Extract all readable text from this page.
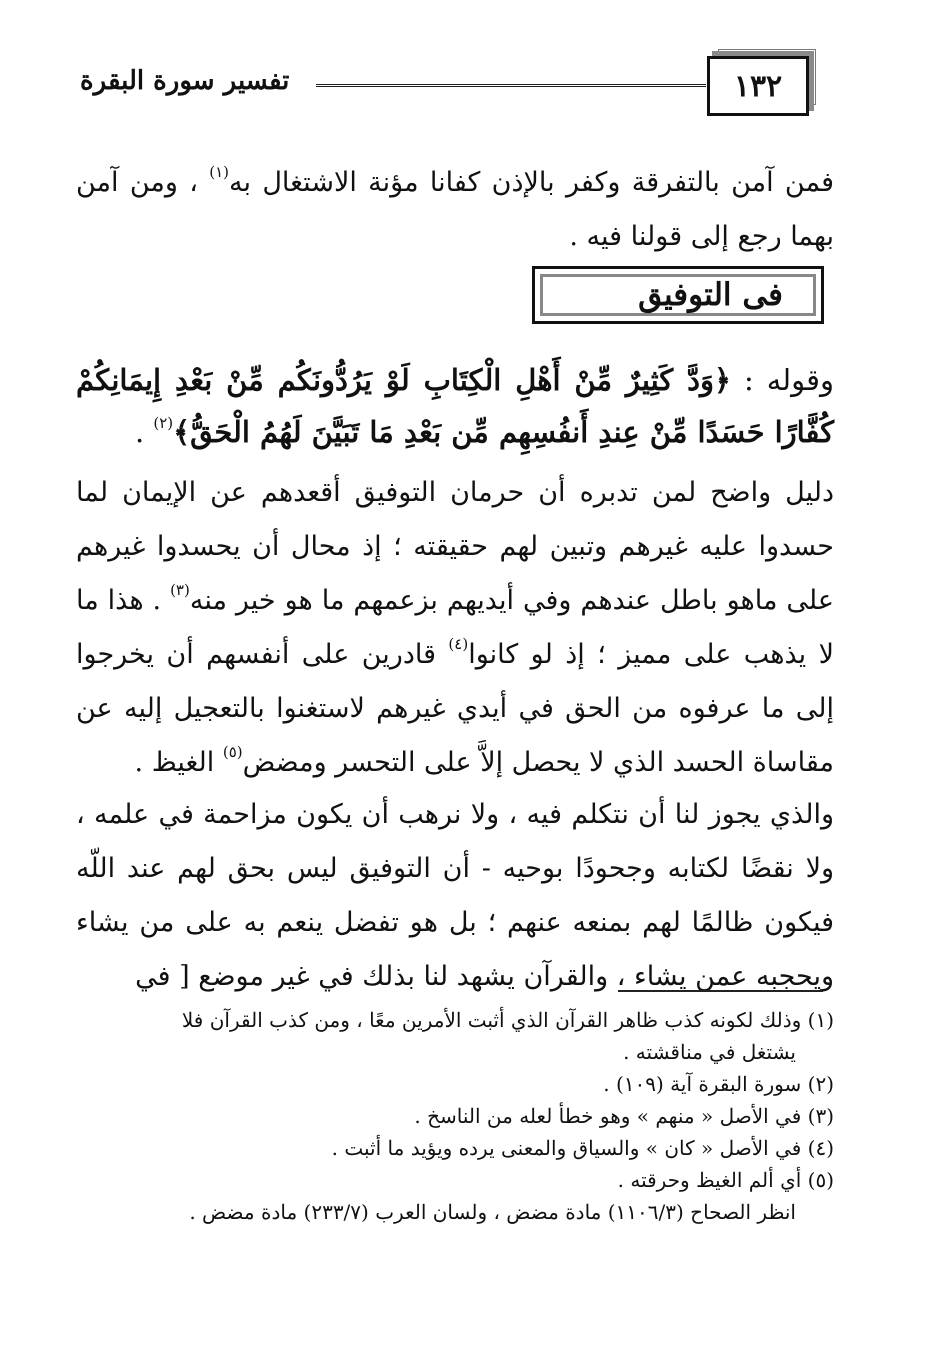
١٣٢
تفسير سورة البقرة
فمن آمن بالتفرقة وكفر بالإذن كفانا مؤنة الاشتغال به$^{(١)}$ ، ومن آمن بهما رجع إلى قولنا فيه .
فى التوفيق
وقوله : ﴿وَدَّ كَثِيرٌ مِّنْ أَهْلِ الْكِتَابِ لَوْ يَرُدُّونَكُم مِّنْ بَعْدِ إِيمَانِكُمْ كُفَّارًا حَسَدًا مِّنْ عِندِ أَنفُسِهِم مِّن بَعْدِ مَا تَبَيَّنَ لَهُمُ الْحَقُّ﴾$^{(٢)}$ .
دليل واضح لمن تدبره أن حرمان التوفيق أقعدهم عن الإيمان لما حسدوا عليه غيرهم وتبين لهم حقيقته ؛ إذ محال أن يحسدوا غيرهم على ماهو باطل عندهم وفي أيديهم بزعمهم ما هو خير منه$^{(٣)}$ . هذا ما لا يذهب على مميز ؛ إذ لو كانوا$^{(٤)}$ قادرين على أنفسهم أن يخرجوا إلى ما عرفوه من الحق في أيدي غيرهم لاستغنوا بالتعجيل إليه عن مقاساة الحسد الذي لا يحصل إلاَّ على التحسر ومضض$^{(٥)}$ الغيظ .
والذي يجوز لنا أن نتكلم فيه ، ولا نرهب أن يكون مزاحمة في علمه ، ولا نقضًا لكتابه وجحودًا بوحيه - أن التوفيق ليس بحق لهم عند اللّه فيكون ظالمًا لهم بمنعه عنهم ؛ بل هو تفضل ينعم به على من يشاء ويحجبه عمن يشاء ، والقرآن يشهد لنا بذلك في غير موضع [ في
(١) وذلك لكونه كذب ظاهر القرآن الذي أثبت الأمرين معًا ، ومن كذب القرآن فلا
يشتغل في مناقشته .
(٢) سورة البقرة آية (١٠٩) .
(٣) في الأصل « منهم » وهو خطأ لعله من الناسخ .
(٤) في الأصل « كان » والسياق والمعنى يرده ويؤيد ما أثبت .
(٥) أي ألم الغيظ وحرقته .
انظر الصحاح (١١٠٦/٣) مادة مضض ، ولسان العرب (٢٣٣/٧) مادة مضض .
